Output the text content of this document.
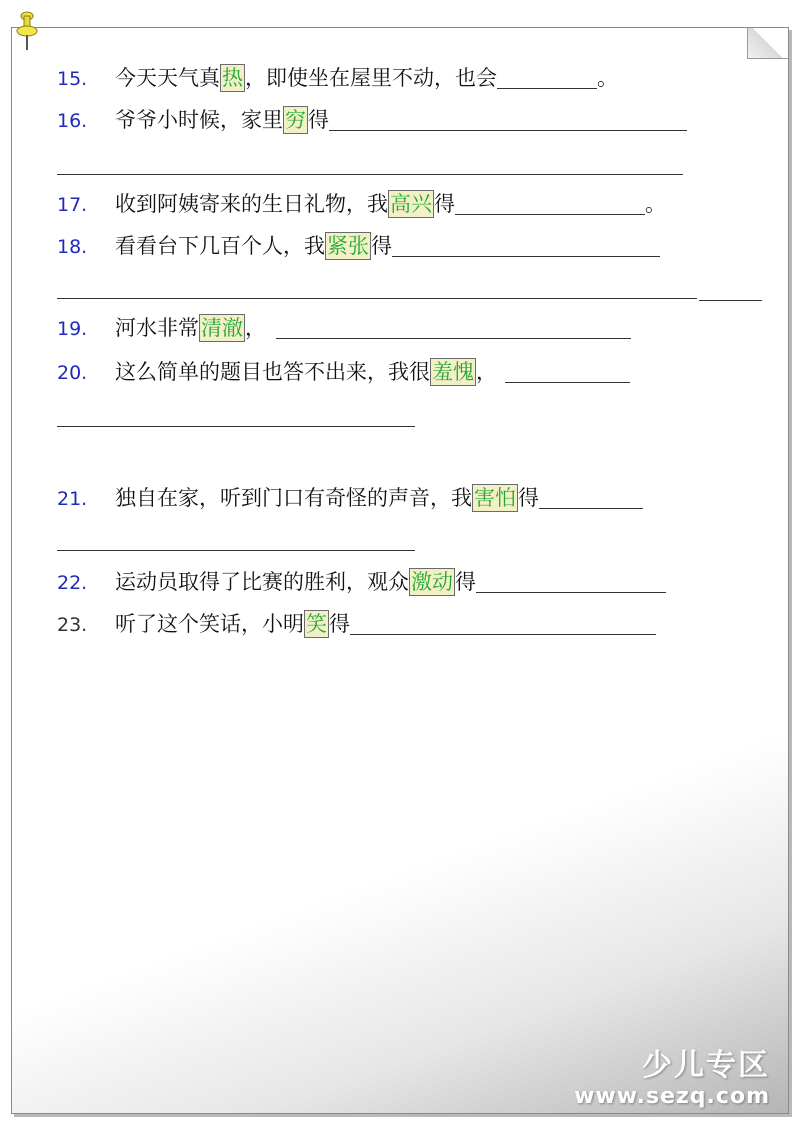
15. 今天天气真热，即使坐在屋里不动，也会	。
16. 爷爷小时候，家里穷得
17. 收到阿姨寄来的生日礼物，我高兴得	。
18. 看看台下几百个人，我紧张得
19. 河水非常清澈，
20. 这么简单的题目也答不出来，我很羞愧，
21. 独自在家，听到门口有奇怪的声音，我害怕得
22. 运动员取得了比赛的胜利，观众激动得
23. 听了这个笑话，小明笑得
少儿专区
www.sezq.com
